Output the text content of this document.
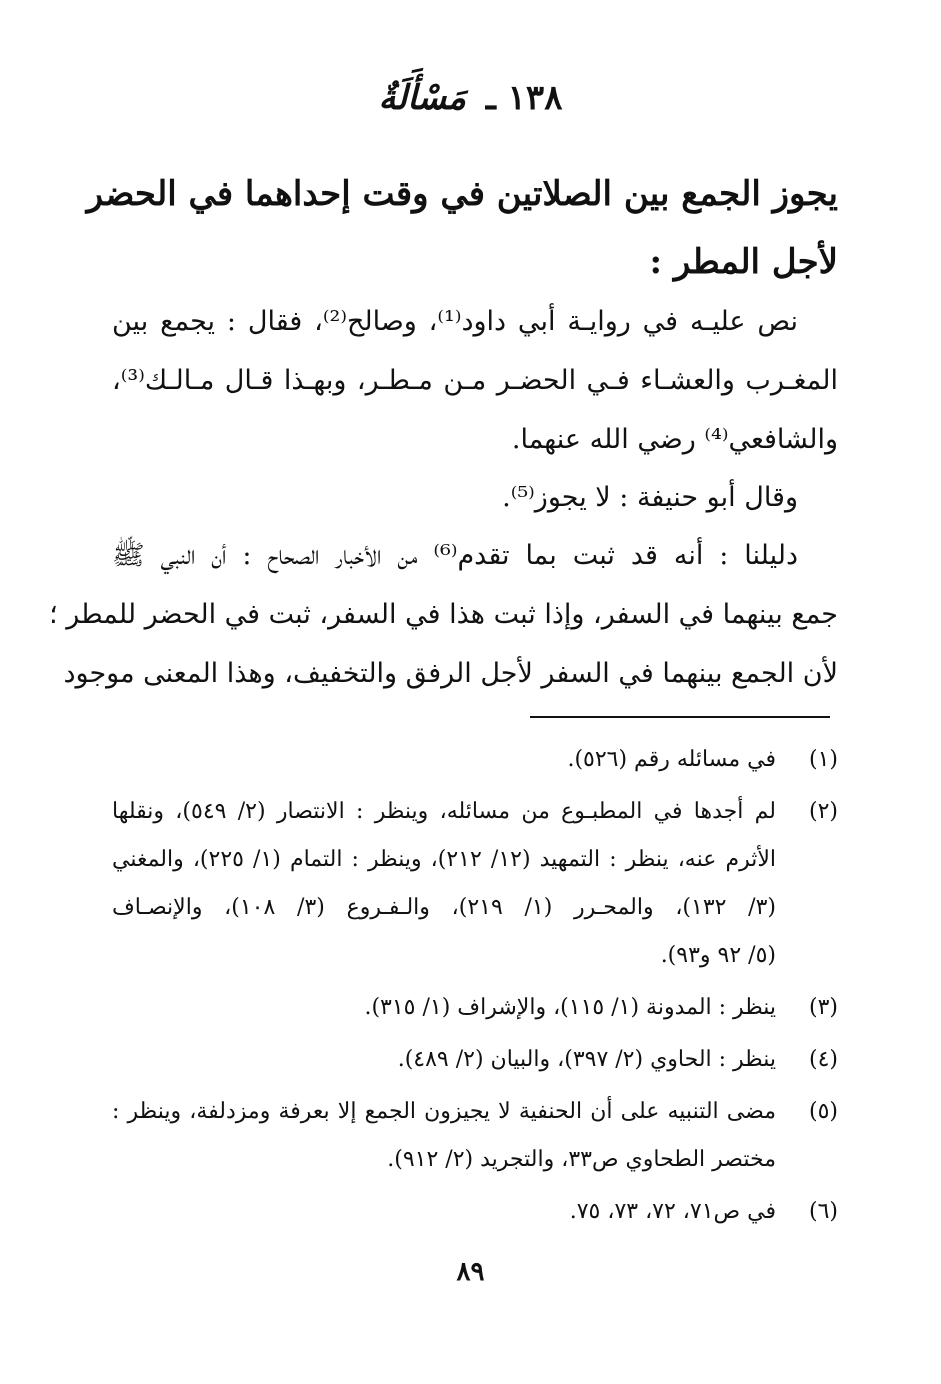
١٣٨ ـ مَسْأَلَةٌ
يجوز الجمع بين الصلاتين في وقت إحداهما في الحضر
لأجل المطر :
نص عليـه في روايـة أبي داود⁽¹⁾، وصالح⁽²⁾، فقال : يجمع بين
المغـرب والعشـاء فـي الحضـر مـن مـطـر، وبهـذا قـال مـالـك⁽³⁾،
والشافعي⁽⁴⁾ رضي الله عنهما.
وقال أبو حنيفة : لا يجوز⁽⁵⁾.
دليلنا : أنه قد ثبت بما تقدم⁽⁶⁾ من الأخبار الصحاح : أن النبي ﷺ
جمع بينهما في السفر، وإذا ثبت هذا في السفر، ثبت في الحضر للمطر ؛
لأن الجمع بينهما في السفر لأجل الرفق والتخفيف، وهذا المعنى موجود
(١)
في مسائله رقم (٥٢٦).
(٢)
لم أجدها في المطبـوع من مسائله، وينظر : الانتصار (٢/ ٥٤٩)، ونقلها
الأثرم عنه، ينظر : التمهيد (١٢/ ٢١٢)، وينظر : التمام (١/ ٢٢٥)، والمغني
(٣/ ١٣٢)، والمحـرر (١/ ٢١٩)، والـفـروع (٣/ ١٠٨)، والإنصـاف
(٥/ ٩٢ و٩٣).
(٣)
ينظر : المدونة (١/ ١١٥)، والإشراف (١/ ٣١٥).
(٤)
ينظر : الحاوي (٢/ ٣٩٧)، والبيان (٢/ ٤٨٩).
(٥)
مضى التنبيه على أن الحنفية لا يجيزون الجمع إلا بعرفة ومزدلفة، وينظر :
مختصر الطحاوي ص٣٣، والتجريد (٢/ ٩١٢).
(٦)
في ص٧١، ٧٢، ٧٣، ٧٥.
٨٩
